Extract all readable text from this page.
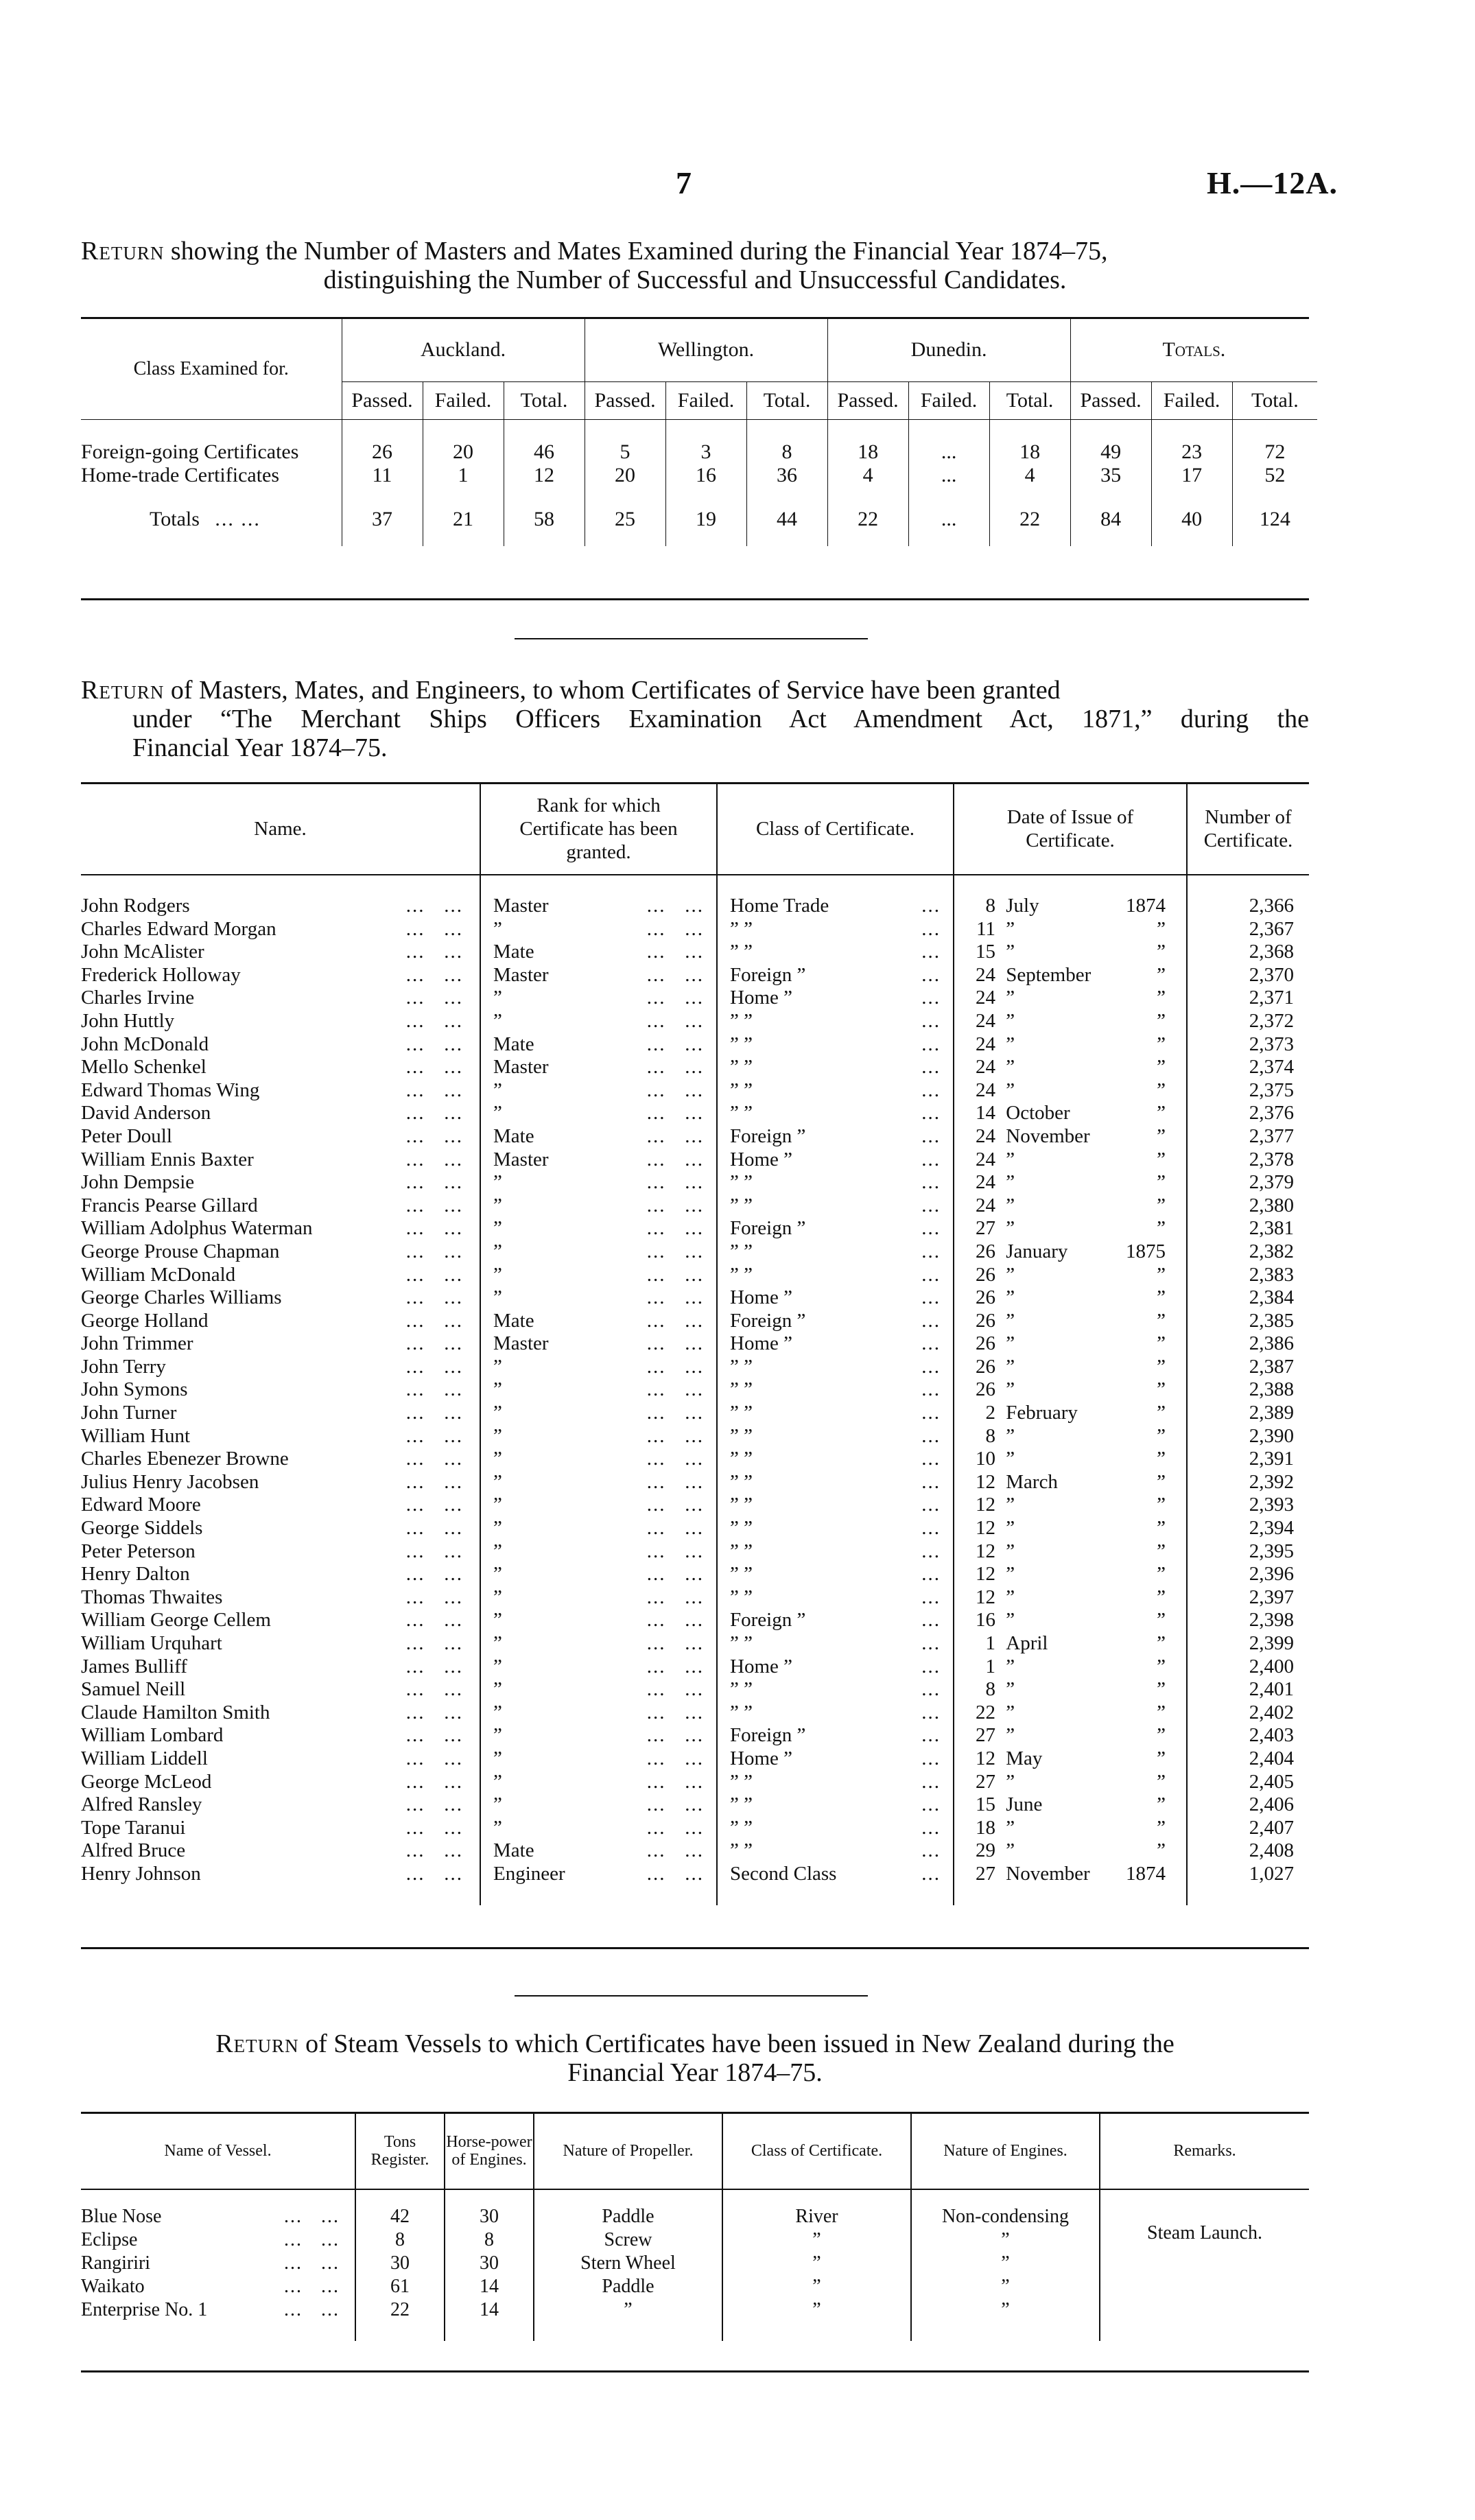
7	H.—12A.
Return showing the Number of Masters and Mates Examined during the Financial Year 1874–75,
distinguishing the Number of Successful and Unsuccessful Candidates.
Class Examined for.	Auckland.			Wellington.			Dunedin.			Totals.		
	Passed.	Failed.	Total.	Passed.	Failed.	Total.	Passed.	Failed.	Total.	Passed.	Failed.	Total.

Foreign-going Certificates	26	20	46	5	3	8	18	...	18	49	23	72
Home-trade Certificates	11	1	12	20	16	36	4	...	4	35	17	52

Totals ... ...	37	21	58	25	19	44	22	...	22	84	40	124

Return of Masters, Mates, and Engineers, to whom Certificates of Service have been granted
under “The Merchant Ships Officers Examination Act Amendment Act, 1871,” during the
Financial Year 1874–75.
Name.	Rank for which Certificate has been granted.	Class of Certificate.	Date of Issue of Certificate.	Number of Certificate.

John Rodgers ...   ...	Master ...   ...	Home Trade ...	8 July 1874	2,366
Charles Edward Morgan ...   ...	” ...   ...	” ” ...	11 ” ”	2,367
John McAlister ...   ...	Mate ...   ...	” ” ...	15 ” ”	2,368
Frederick Holloway ...   ...	Master ...   ...	Foreign ” ...	24 September ”	2,370
Charles Irvine ...   ...	” ...   ...	Home ” ...	24 ” ”	2,371
John Huttly ...   ...	” ...   ...	” ” ...	24 ” ”	2,372
John McDonald ...   ...	Mate ...   ...	” ” ...	24 ” ”	2,373
Mello Schenkel ...   ...	Master ...   ...	” ” ...	24 ” ”	2,374
Edward Thomas Wing ...   ...	” ...   ...	” ” ...	24 ” ”	2,375
David Anderson ...   ...	” ...   ...	” ” ...	14 October ”	2,376
Peter Doull ...   ...	Mate ...   ...	Foreign ” ...	24 November ”	2,377
William Ennis Baxter ...   ...	Master ...   ...	Home ” ...	24 ” ”	2,378
John Dempsie ...   ...	” ...   ...	” ” ...	24 ” ”	2,379
Francis Pearse Gillard ...   ...	” ...   ...	” ” ...	24 ” ”	2,380
William Adolphus Waterman ...   ...	” ...   ...	Foreign ” ...	27 ” ”	2,381
George Prouse Chapman ...   ...	” ...   ...	” ” ...	26 January 1875	2,382
William McDonald ...   ...	” ...   ...	” ” ...	26 ” ”	2,383
George Charles Williams ...   ...	” ...   ...	Home ” ...	26 ” ”	2,384
George Holland ...   ...	Mate ...   ...	Foreign ” ...	26 ” ”	2,385
John Trimmer ...   ...	Master ...   ...	Home ” ...	26 ” ”	2,386
John Terry ...   ...	” ...   ...	” ” ...	26 ” ”	2,387
John Symons ...   ...	” ...   ...	” ” ...	26 ” ”	2,388
John Turner ...   ...	” ...   ...	” ” ...	2 February ”	2,389
William Hunt ...   ...	” ...   ...	” ” ...	8 ” ”	2,390
Charles Ebenezer Browne ...   ...	” ...   ...	” ” ...	10 ” ”	2,391
Julius Henry Jacobsen ...   ...	” ...   ...	” ” ...	12 March ”	2,392
Edward Moore ...   ...	” ...   ...	” ” ...	12 ” ”	2,393
George Siddels ...   ...	” ...   ...	” ” ...	12 ” ”	2,394
Peter Peterson ...   ...	” ...   ...	” ” ...	12 ” ”	2,395
Henry Dalton ...   ...	” ...   ...	” ” ...	12 ” ”	2,396
Thomas Thwaites ...   ...	” ...   ...	” ” ...	12 ” ”	2,397
William George Cellem ...   ...	” ...   ...	Foreign ” ...	16 ” ”	2,398
William Urquhart ...   ...	” ...   ...	” ” ...	1 April ”	2,399
James Bulliff ...   ...	” ...   ...	Home ” ...	1 ” ”	2,400
Samuel Neill ...   ...	” ...   ...	” ” ...	8 ” ”	2,401
Claude Hamilton Smith ...   ...	” ...   ...	” ” ...	22 ” ”	2,402
William Lombard ...   ...	” ...   ...	Foreign ” ...	27 ” ”	2,403
William Liddell ...   ...	” ...   ...	Home ” ...	12 May ”	2,404
George McLeod ...   ...	” ...   ...	” ” ...	27 ” ”	2,405
Alfred Ransley ...   ...	” ...   ...	” ” ...	15 June ”	2,406
Tope Taranui ...   ...	” ...   ...	” ” ...	18 ” ”	2,407
Alfred Bruce ...   ...	Mate ...   ...	” ” ...	29 ” ”	2,408
Henry Johnson ...   ...	Engineer ...   ...	Second Class ...	27 November 1874	1,027

Return of Steam Vessels to which Certificates have been issued in New Zealand during the
Financial Year 1874–75.
Name of Vessel.	Tons Register.	Horse-power of Engines.	Nature of Propeller.	Class of Certificate.	Nature of Engines.	Remarks.

Blue Nose ...   ...	42	30	Paddle	River	Non-condensing	Steam Launch.
Eclipse ...   ...	8	8	Screw	”	”	
Rangiriri ...   ...	30	30	Stern Wheel	”	”	
Waikato ...   ...	61	14	Paddle	”	”	
Enterprise No. 1 ...   ...	22	14	”	”	”	
